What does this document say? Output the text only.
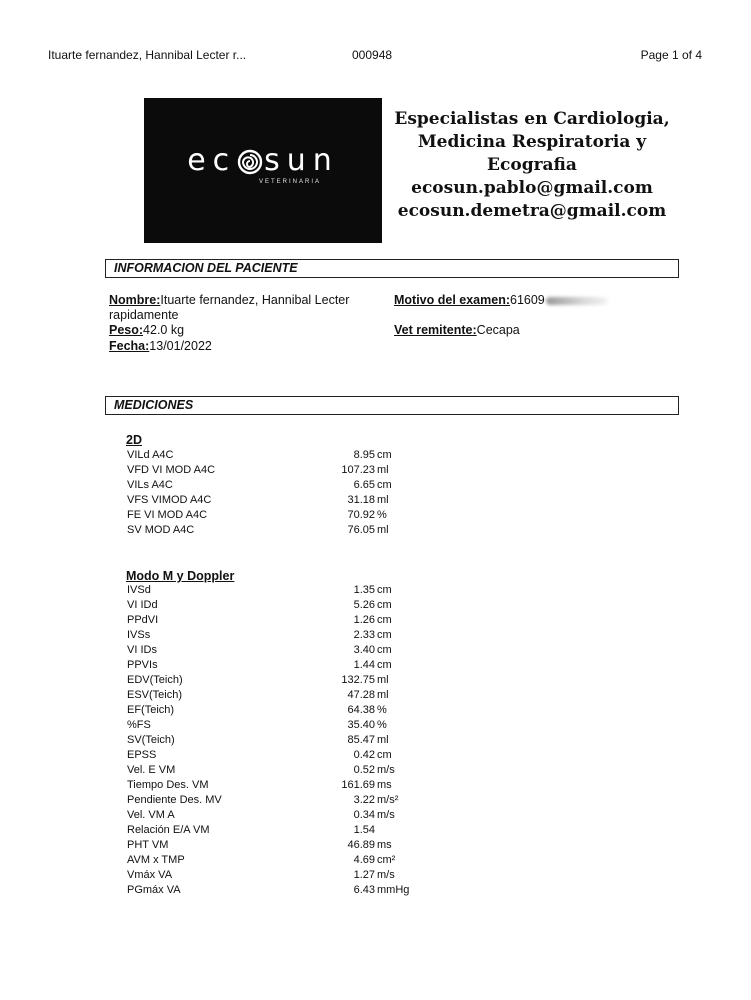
Ituarte fernandez, Hannibal Lecter r...	000948	Page 1 of 4
ec sun
VETERINARIA
Especialistas en Cardiologia,
Medicina Respiratoria y
Ecografia
ecosun.pablo@gmail.com
ecosun.demetra@gmail.com
INFORMACION DEL PACIENTE
Nombre:Ituarte fernandez, Hannibal Lecter
rapidamente
Peso:42.0 kg
Fecha:13/01/2022
Motivo del examen:61609
Vet remitente:Cecapa
MEDICIONES
2D
VILd A4C	8.95 cm
VFD VI MOD A4C	107.23 ml
VILs A4C	6.65 cm
VFS VIMOD A4C	31.18 ml
FE VI MOD A4C	70.92 %
SV MOD A4C	76.05 ml
Modo M y Doppler
IVSd	1.35 cm
VI IDd	5.26 cm
PPdVI	1.26 cm
IVSs	2.33 cm
VI IDs	3.40 cm
PPVIs	1.44 cm
EDV(Teich)	132.75 ml
ESV(Teich)	47.28 ml
EF(Teich)	64.38 %
%FS	35.40 %
SV(Teich)	85.47 ml
EPSS	0.42 cm
Vel. E VM	0.52 m/s
Tiempo Des. VM	161.69 ms
Pendiente Des. MV	3.22 m/s²
Vel. VM A	0.34 m/s
Relación E/A VM	1.54
PHT VM	46.89 ms
AVM x TMP	4.69 cm²
Vmáx VA	1.27 m/s
PGmáx VA	6.43 mmHg
